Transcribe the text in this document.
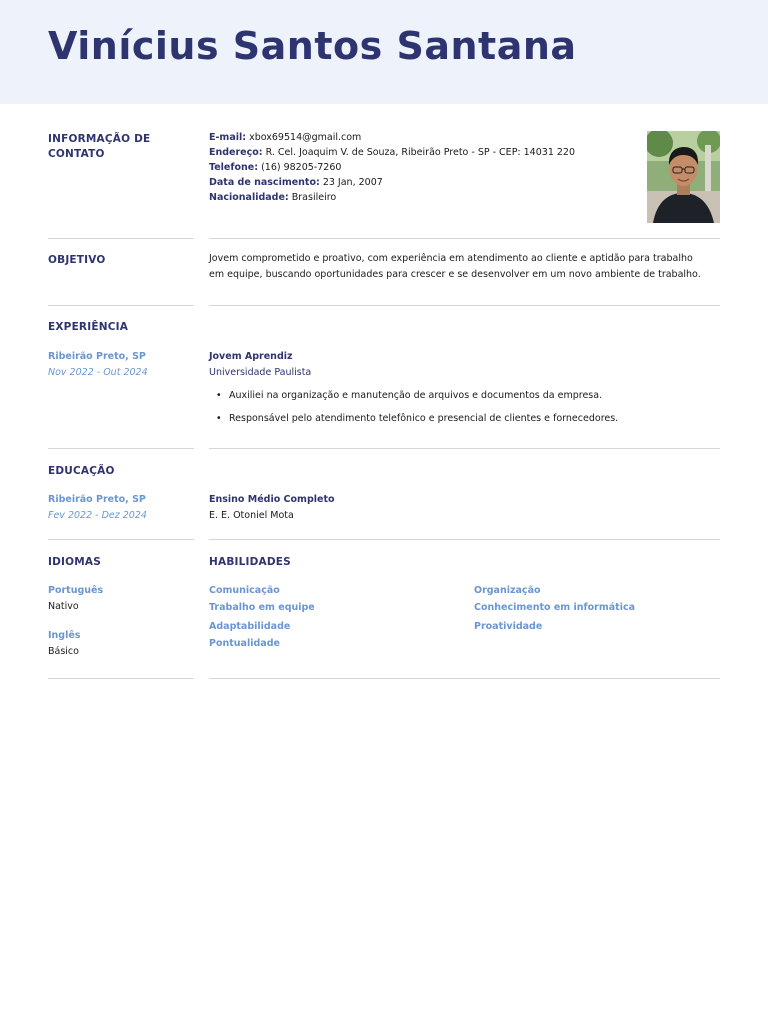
Vinícius Santos Santana
INFORMAÇÃO DE CONTATO
E-mail: xbox69514@gmail.com
Endereço: R. Cel. Joaquim V. de Souza, Ribeirão Preto - SP - CEP: 14031 220
Telefone: (16) 98205-7260
Data de nascimento: 23 Jan, 2007
Nacionalidade: Brasileiro
OBJETIVO	Jovem comprometido e proativo, com experiência em atendimento ao cliente e aptidão para trabalho
em equipe, buscando oportunidades para crescer e se desenvolver em um novo ambiente de trabalho.
EXPERIÊNCIA
Ribeirão Preto, SP
Nov 2022 - Out 2024
Jovem Aprendiz
Universidade Paulista
• Auxiliei na organização e manutenção de arquivos e documentos da empresa.
• Responsável pelo atendimento telefônico e presencial de clientes e fornecedores.
EDUCAÇÃO
Ribeirão Preto, SP
Fev 2022 - Dez 2024
Ensino Médio Completo
E. E. Otoniel Mota
IDIOMAS
Português
Nativo
Inglês
Básico
HABILIDADES
Comunicação	Organização
Trabalho em equipe	Conhecimento em informática
Adaptabilidade	Proatividade
Pontualidade
